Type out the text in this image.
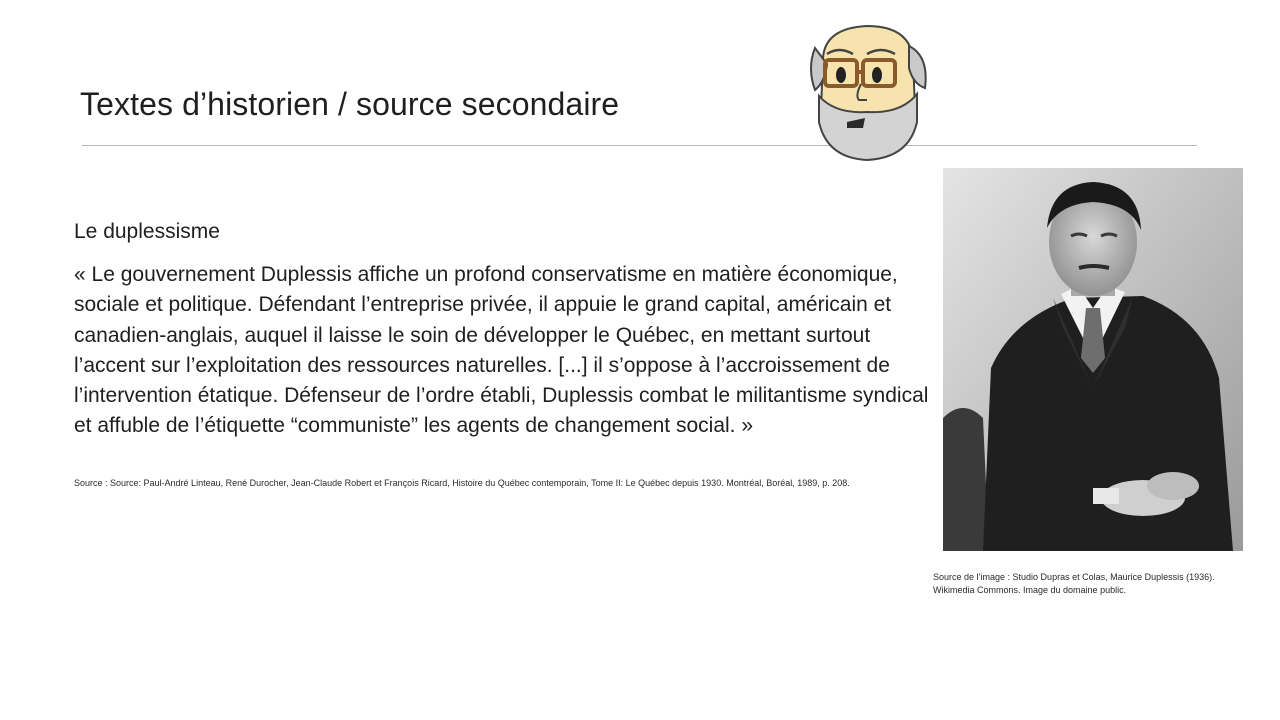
Textes d’historien / source secondaire
Le duplessisme

« Le gouvernement Duplessis affiche un profond conservatisme en matière économique, sociale et politique. Défendant l’entreprise privée, il appuie le grand capital, américain et canadien-anglais, auquel il laisse le soin de développer le Québec, en mettant surtout l’accent sur l’exploitation des ressources naturelles. [...] il s’oppose à l’accroissement de l’intervention étatique. Défenseur de l’ordre établi, Duplessis combat le militantisme syndical et affuble de l’étiquette “communiste” les agents de changement social. »

Source : Source: Paul-André Linteau, René Durocher, Jean-Claude Robert et François Ricard, Histoire du Québec contemporain, Tome II: Le Québec depuis 1930. Montréal, Boréal, 1989, p. 208.
Source de l’image : Studio Dupras et Colas, Maurice Duplessis (1936). Wikimedia Commons. Image du domaine public.
